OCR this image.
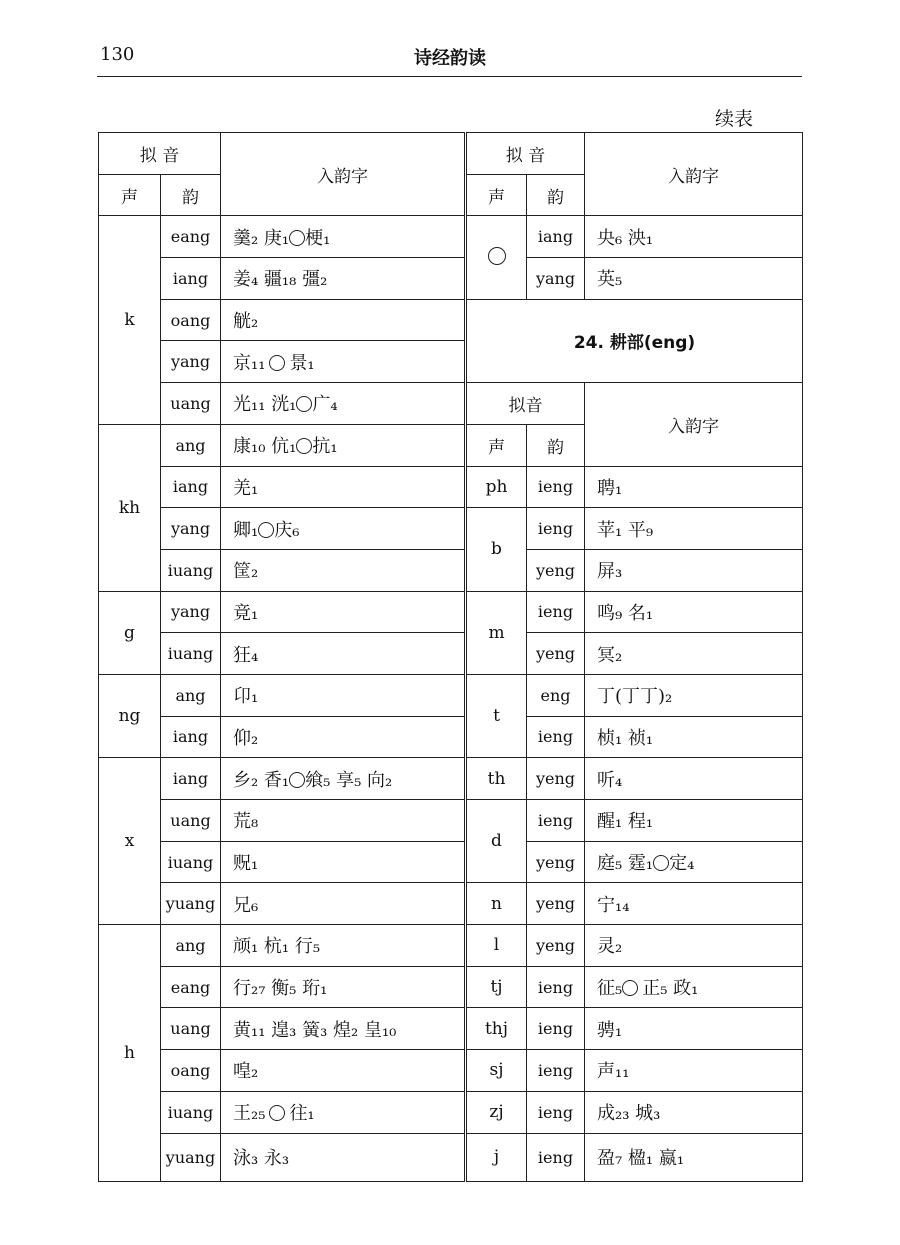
130	诗经韵读
续表
拟 音		入韵字
声	韵	
k	eang	羹₂ 庚₁ 梗₁
	iang	姜₄ 疆₁₈ 彊₂
	oang	觥₂
	yang	京₁₁ 景₁
	uang	光₁₁ 洸₁ 广₄
kh	ang	康₁₀ 伉₁ 抗₁
	iang	羌₁
	yang	卿₁ 庆₆
	iuang	筐₂
g	yang	竟₁
	iuang	狂₄
ng	ang	卬₁
	iang	仰₂
x	iang	乡₂ 香₁ 飨₅ 享₅ 向₂
	uang	荒₈
	iuang	贶₁
	yuang	兄₆
h	ang	颃₁ 杭₁ 行₅
	eang	行₂₇ 衡₅ 珩₁
	uang	黄₁₁ 遑₃ 簧₃ 煌₂ 皇₁₀
	oang	喤₂
	iuang	王₂₅ 往₁
	yuang	泳₃ 永₃
拟 音		入韵字
声	韵	
	iang	央₆ 泱₁
	yang	英₅
24. 耕部(eng)		
拟音		入韵字
声	韵	
ph	ieng	聘₁
b	ieng	苹₁ 平₉
	yeng	屏₃
m	ieng	鸣₉ 名₁
	yeng	冥₂
t	eng	丁(丁丁)₂
	ieng	桢₁ 祯₁
th	yeng	听₄
d	ieng	醒₁ 程₁
	yeng	庭₅ 霆₁ 定₄
n	yeng	宁₁₄
l	yeng	灵₂
tj	ieng	征₅ 正₅ 政₁
thj	ieng	骋₁
sj	ieng	声₁₁
zj	ieng	成₂₃ 城₃
j	ieng	盈₇ 楹₁ 嬴₁
